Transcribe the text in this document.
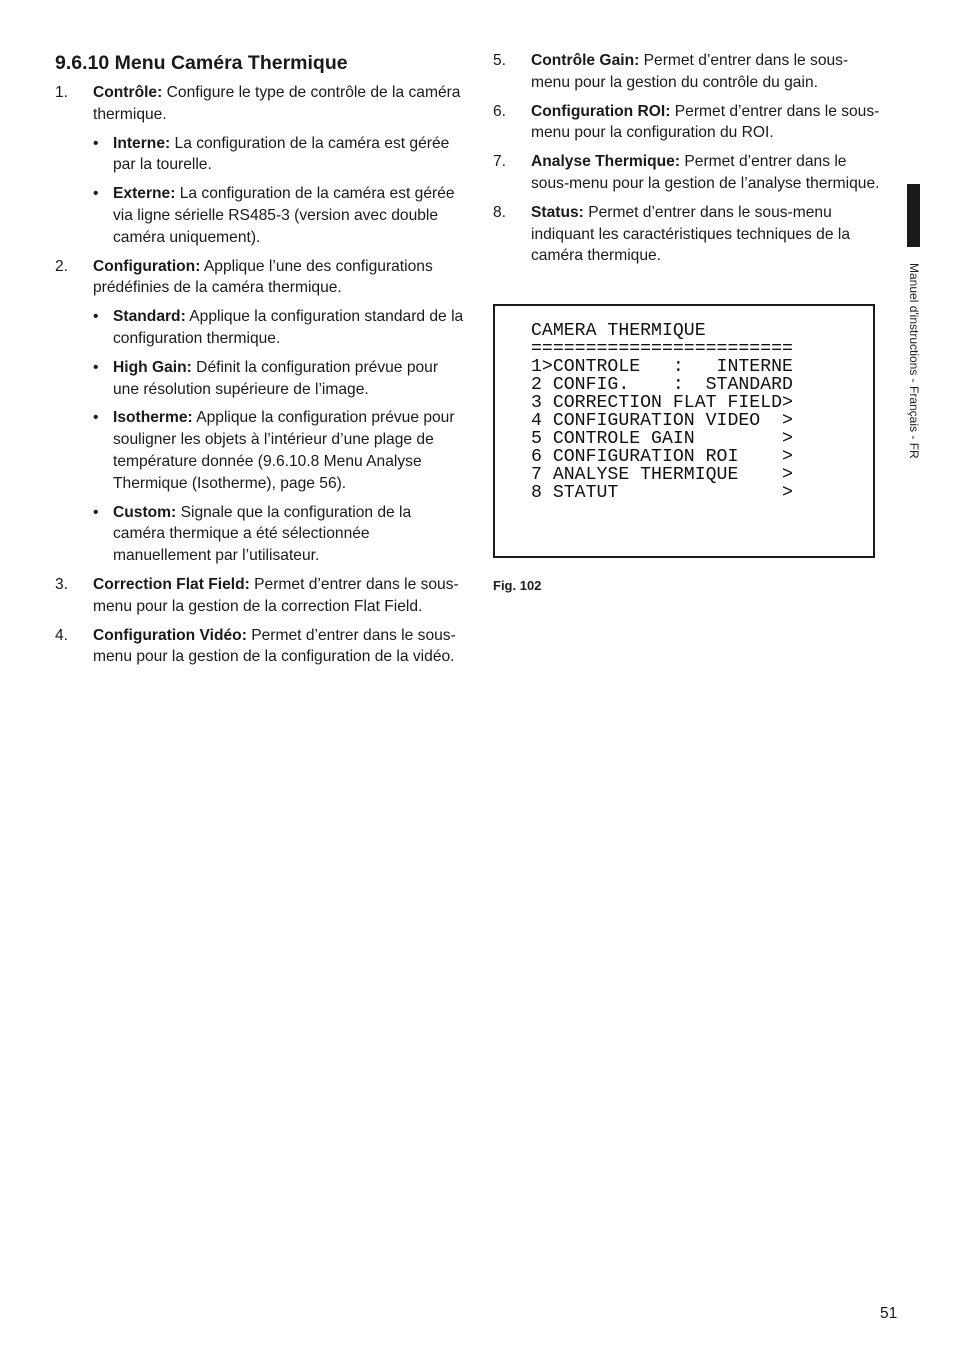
9.6.10 Menu Caméra Thermique
1. Contrôle: Configure le type de contrôle de la caméra thermique.
• Interne: La configuration de la caméra est gérée par la tourelle.
• Externe: La configuration de la caméra est gérée via ligne sérielle RS485-3 (version avec double caméra uniquement).
2. Configuration: Applique l’une des configurations prédéfinies de la caméra thermique.
• Standard: Applique la configuration standard de la configuration thermique.
• High Gain: Définit la configuration prévue pour une résolution supérieure de l’image.
• Isotherme: Applique la configuration prévue pour souligner les objets à l’intérieur d’une plage de température donnée (9.6.10.8 Menu Analyse Thermique (Isotherme), page 56).
• Custom: Signale que la configuration de la caméra thermique a été sélectionnée manuellement par l’utilisateur.
3. Correction Flat Field: Permet d’entrer dans le sous-menu pour la gestion de la correction Flat Field.
4. Configuration Vidéo: Permet d’entrer dans le sous-menu pour la gestion de la configuration de la vidéo.
5. Contrôle Gain: Permet d’entrer dans le sous-menu pour la gestion du contrôle du gain.
6. Configuration ROI: Permet d’entrer dans le sous-menu pour la configuration du ROI.
7. Analyse Thermique: Permet d’entrer dans le sous-menu pour la gestion de l’analyse thermique.
8. Status: Permet d’entrer dans le sous-menu indiquant les caractéristiques techniques de la caméra thermique.
CAMERA THERMIQUE
========================
1>CONTROLE   :   INTERNE
2 CONFIG.    :  STANDARD
3 CORRECTION FLAT FIELD>
4 CONFIGURATION VIDEO  >
5 CONTROLE GAIN        >
6 CONFIGURATION ROI    >
7 ANALYSE THERMIQUE    >
8 STATUT               >
Fig. 102
Manuel d'instructions - Français - FR
51
